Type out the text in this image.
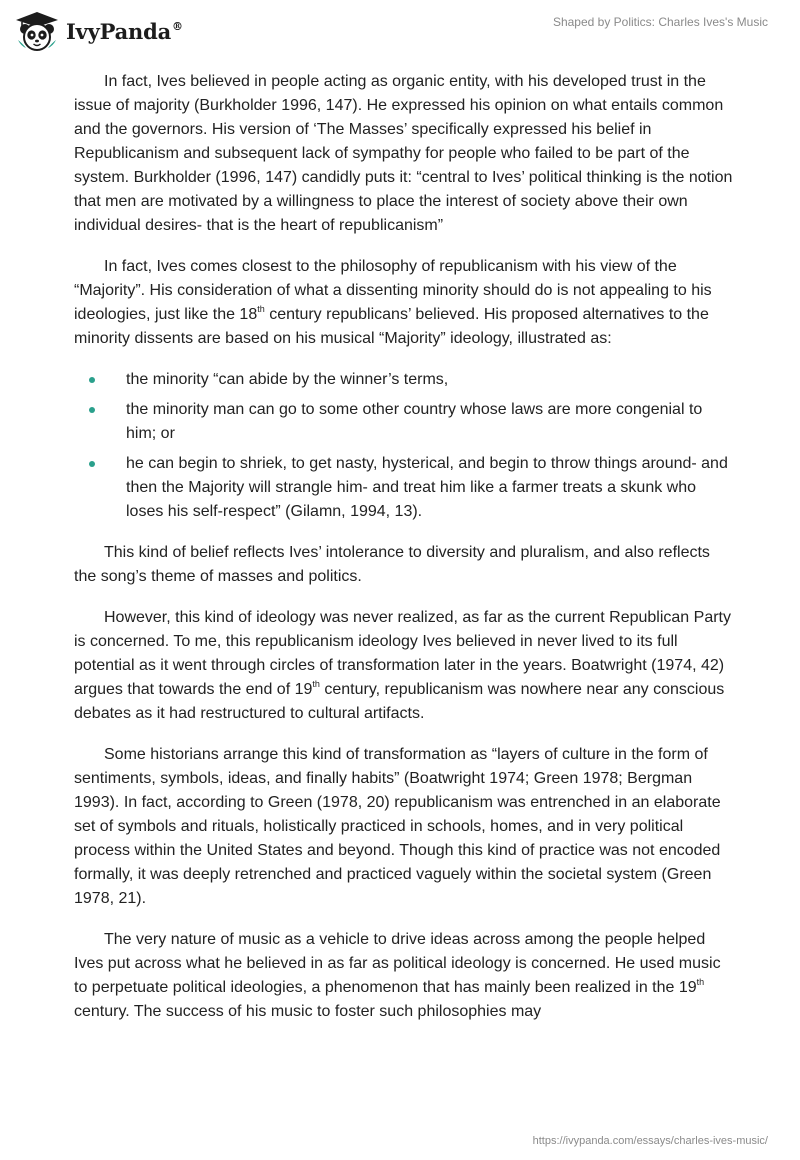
IvyPanda®	Shaped by Politics: Charles Ives's Music

In fact, Ives believed in people acting as organic entity, with his developed trust in the issue of majority (Burkholder 1996, 147). He expressed his opinion on what entails common and the governors. His version of ‘The Masses’ specifically expressed his belief in Republicanism and subsequent lack of sympathy for people who failed to be part of the system. Burkholder (1996, 147) candidly puts it: “central to Ives’ political thinking is the notion that men are motivated by a willingness to place the interest of society above their own individual desires- that is the heart of republicanism”

In fact, Ives comes closest to the philosophy of republicanism with his view of the “Majority”. His consideration of what a dissenting minority should do is not appealing to his ideologies, just like the 18th century republicans’ believed. His proposed alternatives to the minority dissents are based on his musical “Majority” ideology, illustrated as:

the minority “can abide by the winner’s terms,
the minority man can go to some other country whose laws are more congenial to him; or
he can begin to shriek, to get nasty, hysterical, and begin to throw things around- and then the Majority will strangle him- and treat him like a farmer treats a skunk who loses his self-respect” (Gilamn, 1994, 13).

This kind of belief reflects Ives’ intolerance to diversity and pluralism, and also reflects the song’s theme of masses and politics.

However, this kind of ideology was never realized, as far as the current Republican Party is concerned. To me, this republicanism ideology Ives believed in never lived to its full potential as it went through circles of transformation later in the years. Boatwright (1974, 42) argues that towards the end of 19th century, republicanism was nowhere near any conscious debates as it had restructured to cultural artifacts.

Some historians arrange this kind of transformation as “layers of culture in the form of sentiments, symbols, ideas, and finally habits” (Boatwright 1974; Green 1978; Bergman 1993). In fact, according to Green (1978, 20) republicanism was entrenched in an elaborate set of symbols and rituals, holistically practiced in schools, homes, and in very political process within the United States and beyond. Though this kind of practice was not encoded formally, it was deeply retrenched and practiced vaguely within the societal system (Green 1978, 21).

The very nature of music as a vehicle to drive ideas across among the people helped Ives put across what he believed in as far as political ideology is concerned. He used music to perpetuate political ideologies, a phenomenon that has mainly been realized in the 19th century. The success of his music to foster such philosophies may

https://ivypanda.com/essays/charles-ives-music/
